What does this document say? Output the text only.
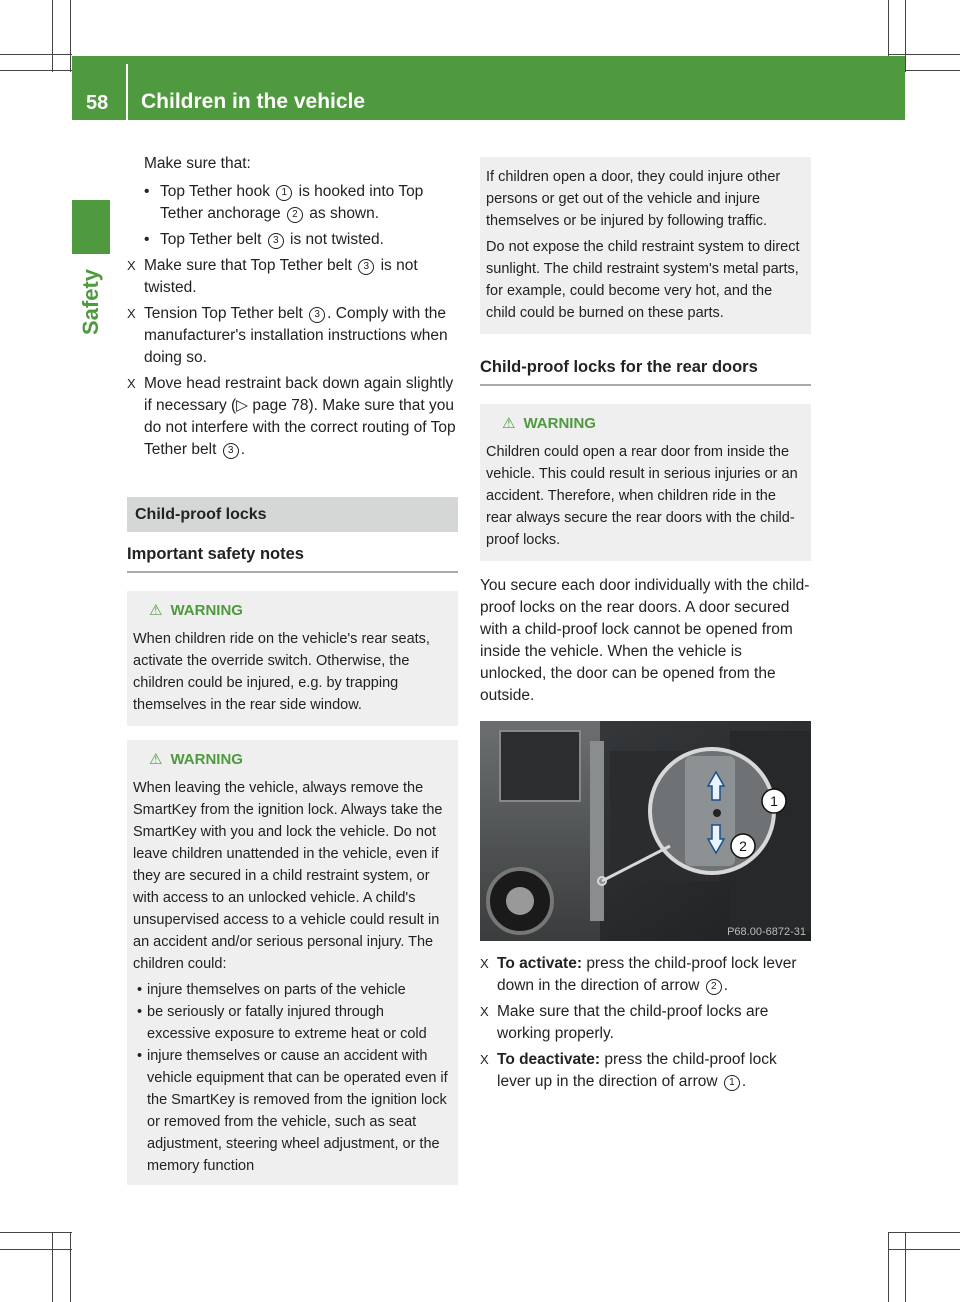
58 Children in the vehicle
Safety

Make sure that:

• Top Tether hook 1 is hooked into Top Tether anchorage 2 as shown.
• Top Tether belt 3 is not twisted.
X Make sure that Top Tether belt 3 is not twisted.
X Tension Top Tether belt 3 . Comply with the manufacturer's installation instructions when doing so.
X Move head restraint back down again slightly if necessary (▷ page 78). Make sure that you do not interfere with the correct routing of Top Tether belt 3 .
Child-proof locks
Important safety notes
⚠ WARNING

When children ride on the vehicle's rear seats, activate the override switch. Otherwise, the children could be injured, e.g. by trapping themselves in the rear side window.

⚠ WARNING

When leaving the vehicle, always remove the SmartKey from the ignition lock. Always take the SmartKey with you and lock the vehicle. Do not leave children unattended in the vehicle, even if they are secured in a child restraint system, or with access to an unlocked vehicle. A child's unsupervised access to a vehicle could result in an accident and/or serious personal injury. The children could:

• injure themselves on parts of the vehicle
• be seriously or fatally injured through excessive exposure to extreme heat or cold
• injure themselves or cause an accident with vehicle equipment that can be operated even if the SmartKey is removed from the ignition lock or removed from the vehicle, such as seat adjustment, steering wheel adjustment, or the memory function

If children open a door, they could injure other persons or get out of the vehicle and injure themselves or be injured by following traffic.

Do not expose the child restraint system to direct sunlight. The child restraint system's metal parts, for example, could become very hot, and the child could be burned on these parts.

Child-proof locks for the rear doors
⚠ WARNING

Children could open a rear door from inside the vehicle. This could result in serious injuries or an accident. Therefore, when children ride in the rear always secure the rear doors with the child-proof locks.

You secure each door individually with the child-proof locks on the rear doors. A door secured with a child-proof lock cannot be opened from inside the vehicle. When the vehicle is unlocked, the door can be opened from the outside.

1
2
P68.00-6872-31
X To activate: press the child-proof lock lever down in the direction of arrow 2 .
X Make sure that the child-proof locks are working properly.
X To deactivate: press the child-proof lock lever up in the direction of arrow 1 .
